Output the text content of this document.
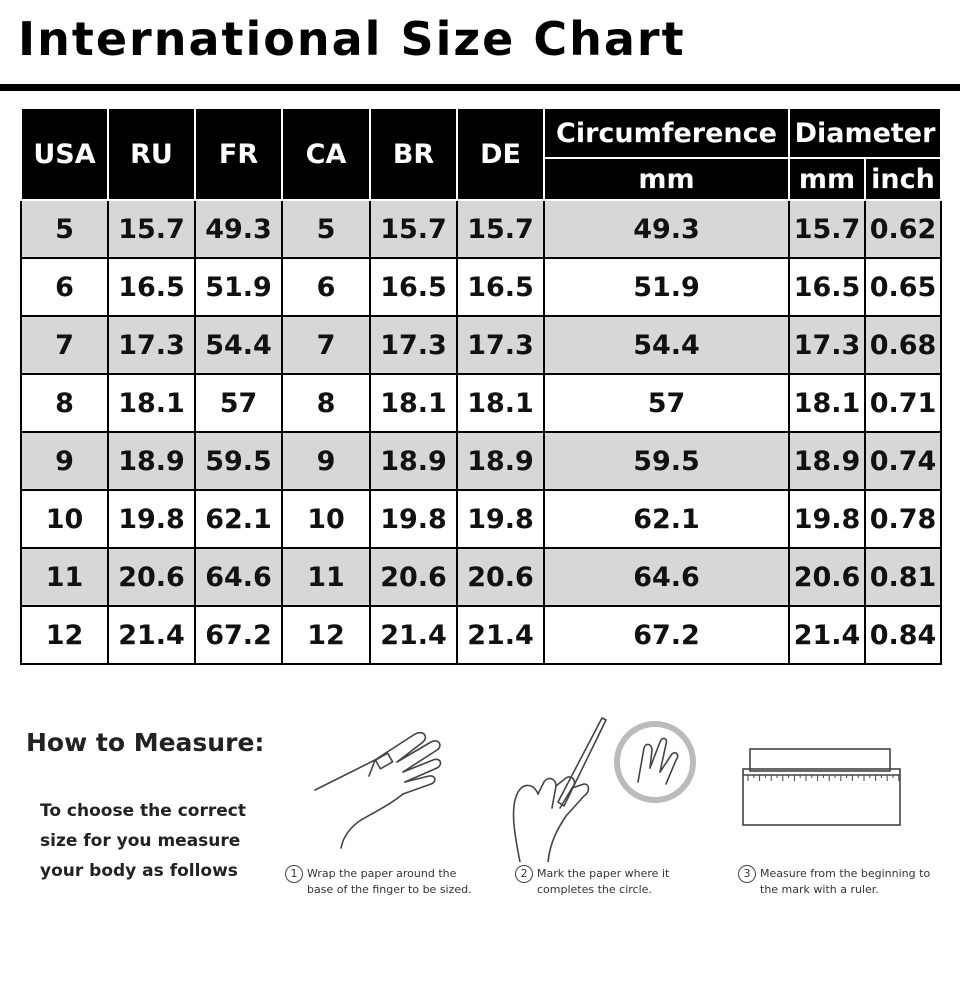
International Size Chart
USA	RU	FR	CA	BR	DE	Circumference	Diameter	
						mm	mm	inch
5	15.7	49.3	5	15.7	15.7	49.3	15.7	0.62
6	16.5	51.9	6	16.5	16.5	51.9	16.5	0.65
7	17.3	54.4	7	17.3	17.3	54.4	17.3	0.68
8	18.1	57	8	18.1	18.1	57	18.1	0.71
9	18.9	59.5	9	18.9	18.9	59.5	18.9	0.74
10	19.8	62.1	10	19.8	19.8	62.1	19.8	0.78
11	20.6	64.6	11	20.6	20.6	64.6	20.6	0.81
12	21.4	67.2	12	21.4	21.4	67.2	21.4	0.84
How to Measure:
To choose the correct
size for you measure
your body as follows	1 Wrap the paper around the
base of the finger to be sized.
2 Mark the paper where it
completes the circle.
3 Measure from the beginning to
the mark with a ruler.
